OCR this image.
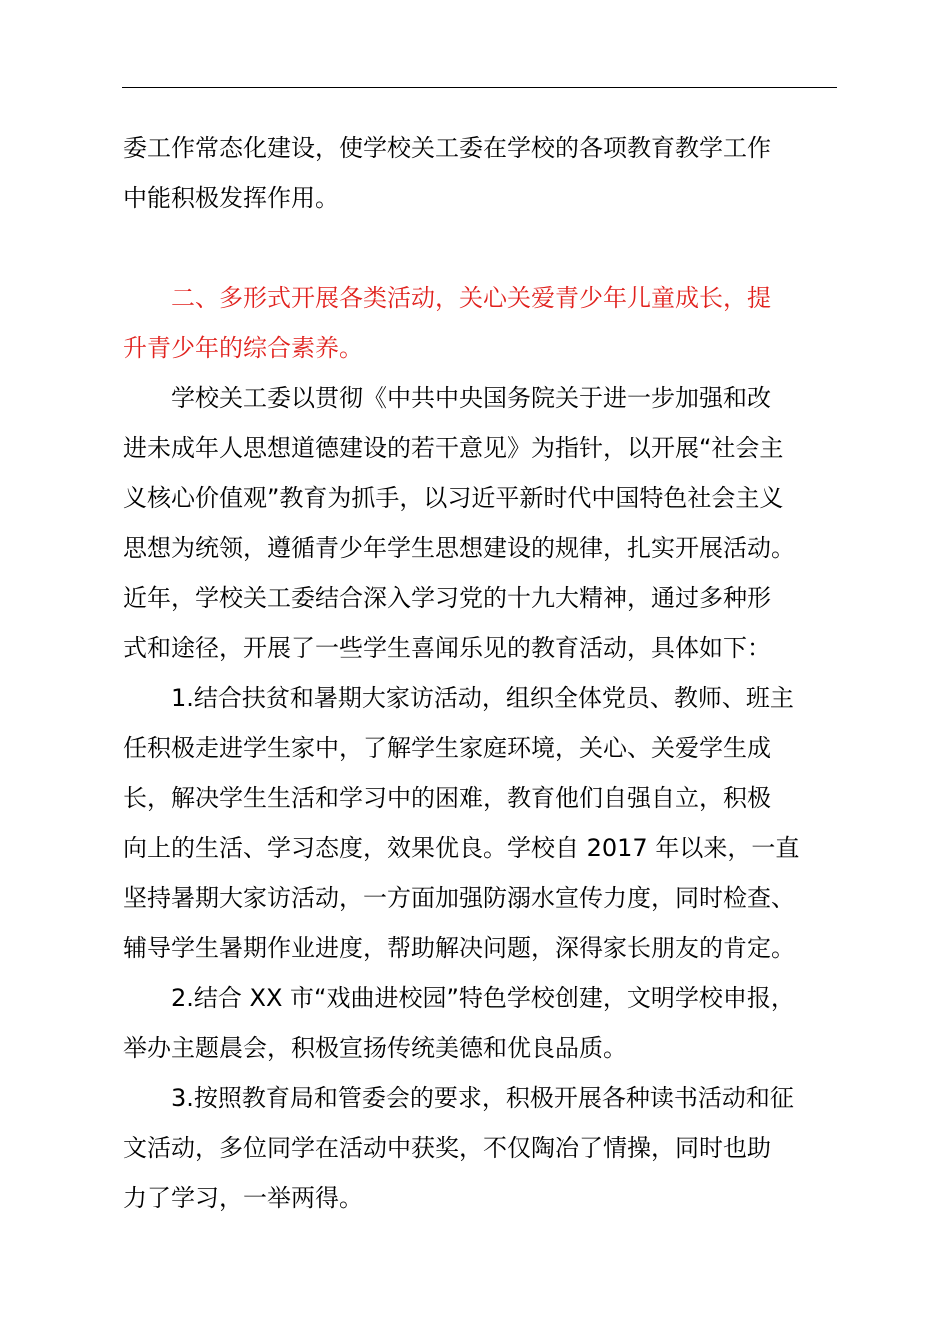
委工作常态化建设，使学校关工委在学校的各项教育教学工作
中能积极发挥作用。
二、多形式开展各类活动，关心关爱青少年儿童成长，提
升青少年的综合素养。
学校关工委以贯彻《中共中央国务院关于进一步加强和改
进未成年人思想道德建设的若干意见》为指针，以开展“社会主
义核心价值观”教育为抓手，以习近平新时代中国特色社会主义
思想为统领，遵循青少年学生思想建设的规律，扎实开展活动。
近年，学校关工委结合深入学习党的十九大精神，通过多种形
式和途径，开展了一些学生喜闻乐见的教育活动，具体如下：
1.结合扶贫和暑期大家访活动，组织全体党员、教师、班主
任积极走进学生家中，了解学生家庭环境，关心、关爱学生成
长，解决学生生活和学习中的困难，教育他们自强自立，积极
向上的生活、学习态度，效果优良。学校自 2017 年以来，一直
坚持暑期大家访活动，一方面加强防溺水宣传力度，同时检查、
辅导学生暑期作业进度，帮助解决问题，深得家长朋友的肯定。
2.结合 XX 市“戏曲进校园”特色学校创建，文明学校申报，
举办主题晨会，积极宣扬传统美德和优良品质。
3.按照教育局和管委会的要求，积极开展各种读书活动和征
文活动，多位同学在活动中获奖，不仅陶冶了情操，同时也助
力了学习，一举两得。
